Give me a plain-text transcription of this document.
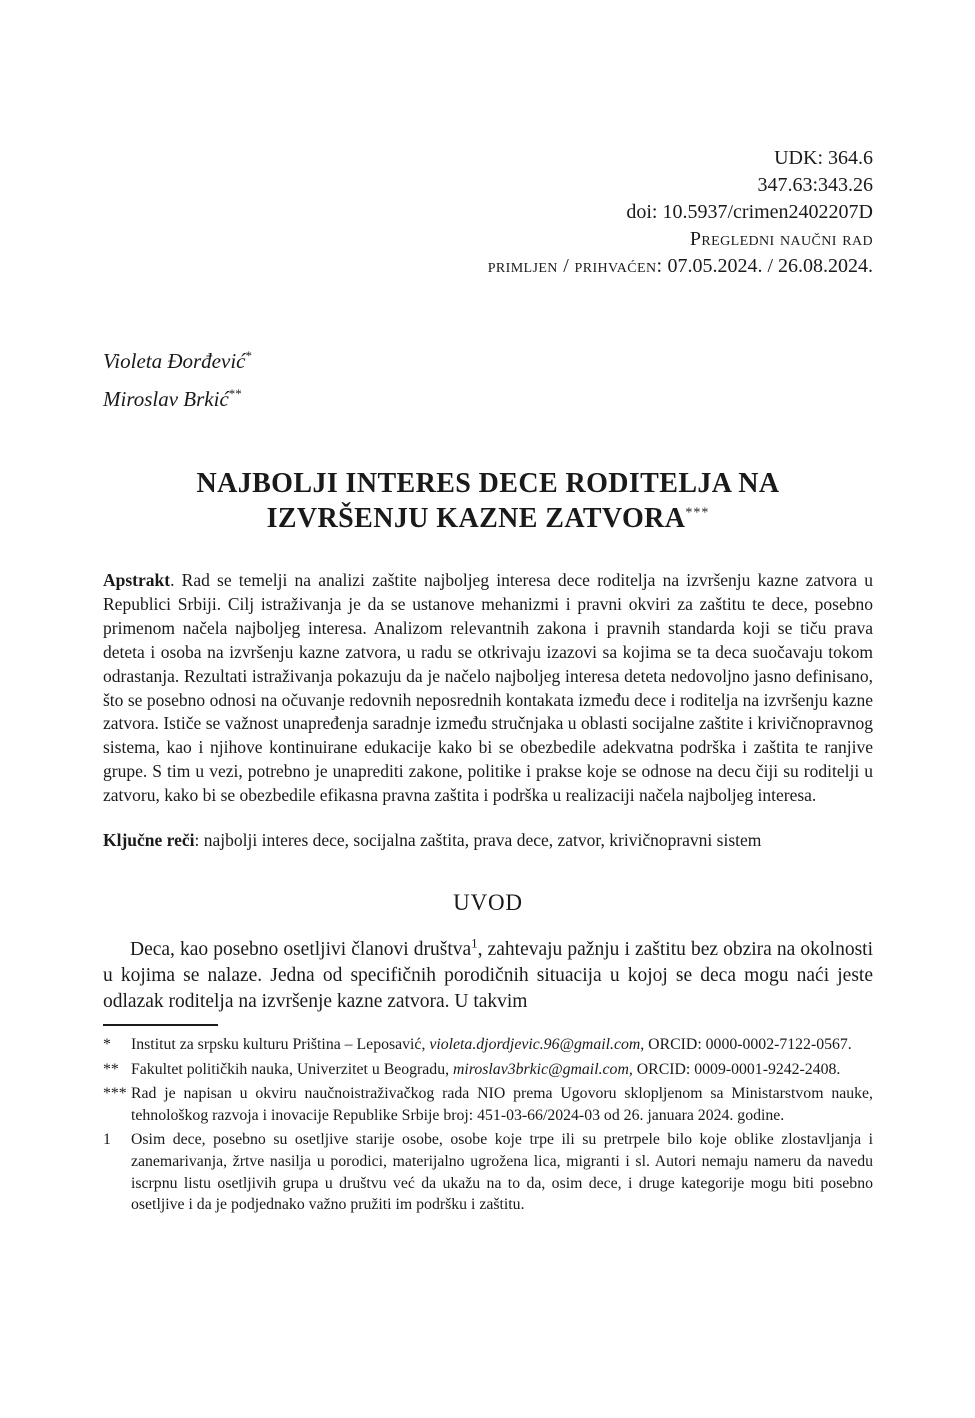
UDK: 364.6
347.63:343.26
doi: 10.5937/crimen2402207D
Pregledni naučni rad
primljen / prihvaćen: 07.05.2024. / 26.08.2024.
Violeta Đorđević*
Miroslav Brkić**
NAJBOLJI INTERES DECE RODITELJA NA
IZVRŠENJU KAZNE ZATVORA***

Apstrakt. Rad se temelji na analizi zaštite najboljeg interesa dece roditelja na izvršenju kazne zatvora u Republici Srbiji. Cilj istraživanja je da se ustanove mehanizmi i pravni okviri za zaštitu te dece, posebno primenom načela najboljeg interesa. Analizom relevantnih zakona i pravnih standarda koji se tiču prava deteta i osoba na izvršenju kazne zatvora, u radu se otkrivaju izazovi sa kojima se ta deca suočavaju tokom odrastanja. Rezultati istraživanja pokazuju da je načelo najboljeg interesa deteta nedovoljno jasno definisano, što se posebno odnosi na očuvanje redovnih neposrednih kontakata između dece i roditelja na izvršenju kazne zatvora. Ističe se važnost unapređenja saradnje između stručnjaka u oblasti socijalne zaštite i krivičnopravnog sistema, kao i njihove kontinuirane edukacije kako bi se obezbedile adekvatna podrška i zaštita te ranjive grupe. S tim u vezi, potrebno je unaprediti zakone, politike i prakse koje se odnose na decu čiji su roditelji u zatvoru, kako bi se obezbedile efikasna pravna zaštita i podrška u realizaciji načela najboljeg interesa.

Ključne reči: najbolji interes dece, socijalna zaštita, prava dece, zatvor, krivičnopravni sistem

UVOD

Deca, kao posebno osetljivi članovi društva$^1$, zahtevaju pažnju i zaštitu bez obzira na okolnosti u kojima se nalaze. Jedna od specifičnih porodičnih situacija u kojoj se deca mogu naći jeste odlazak roditelja na izvršenje kazne zatvora. U takvim

* Institut za srpsku kulturu Priština – Leposavić, violeta.djordjevic.96@gmail.com, ORCID: 0000-0002-7122-0567.
** Fakultet političkih nauka, Univerzitet u Beogradu, miroslav3brkic@gmail.com, ORCID: 0009-0001-9242-2408.
*** Rad je napisan u okviru naučnoistraživačkog rada NIO prema Ugovoru sklopljenom sa Ministarstvom nauke, tehnološkog razvoja i inovacije Republike Srbije broj: 451-03-66/2024-03 od 26. januara 2024. godine.
1 Osim dece, posebno su osetljive starije osobe, osobe koje trpe ili su pretrpele bilo koje oblike zlostavljanja i zanemarivanja, žrtve nasilja u porodici, materijalno ugrožena lica, migranti i sl. Autori nemaju nameru da navedu iscrpnu listu osetljivih grupa u društvu već da ukažu na to da, osim dece, i druge kategorije mogu biti posebno osetljive i da je podjednako važno pružiti im podršku i zaštitu.
